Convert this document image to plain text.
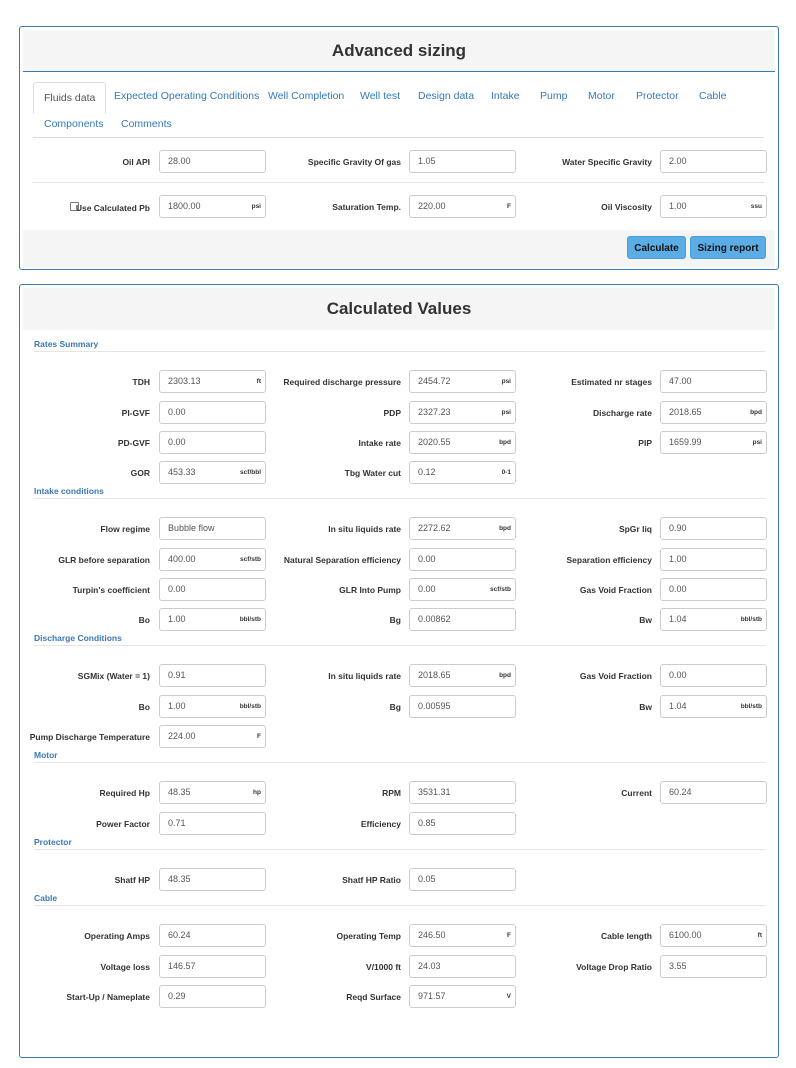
Advanced sizing
Fluids data	Expected Operating Conditions Well Completion Well test Design data Intake Pump Motor Protector Cable
Components Comments
Oil API	28.00	Specific Gravity Of gas	1.05	Water Specific Gravity	2.00
Use Calculated Pb	1800.00	psi	Saturation Temp.	220.00	F	Oil Viscosity	1.00	ssu
Calculate	Sizing report
Calculated Values
Rates Summary
TDH	2303.13	ft	Required discharge pressure	2454.72	psi	Estimated nr stages	47.00
PI-GVF	0.00	PDP	2327.23	psi	Discharge rate	2018.65	bpd
PD-GVF	0.00	Intake rate	2020.55	bpd	PIP	1659.99	psi
GOR	453.33	scf/bbl	Tbg Water cut	0.12	0-1
Intake conditions
Flow regime	Bubble flow	In situ liquids rate	2272.62	bpd	SpGr liq	0.90
GLR before separation	400.00	scf/stb	Natural Separation efficiency	0.00	Separation efficiency	1.00
Turpin's coefficient	0.00	GLR Into Pump	0.00	scf/stb	Gas Void Fraction	0.00
Bo	1.00	bbl/stb	Bg	0.00862	Bw	1.04	bbl/stb
Discharge Conditions
SGMix (Water = 1)	0.91	In situ liquids rate	2018.65	bpd	Gas Void Fraction	0.00
Bo	1.00	bbl/stb	Bg	0.00595	Bw	1.04	bbl/stb
Pump Discharge Temperature	224.00	F
Motor
Required Hp	48.35	hp	RPM	3531.31	Current	60.24
Power Factor	0.71	Efficiency	0.85
Protector
Shatf HP	48.35	Shatf HP Ratio	0.05
Cable
Operating Amps	60.24	Operating Temp	246.50	F	Cable length	6100.00	ft
Voltage loss	146.57	V/1000 ft	24.03	Voltage Drop Ratio	3.55
Start-Up / Nameplate	0.29	Reqd Surface	971.57	V
